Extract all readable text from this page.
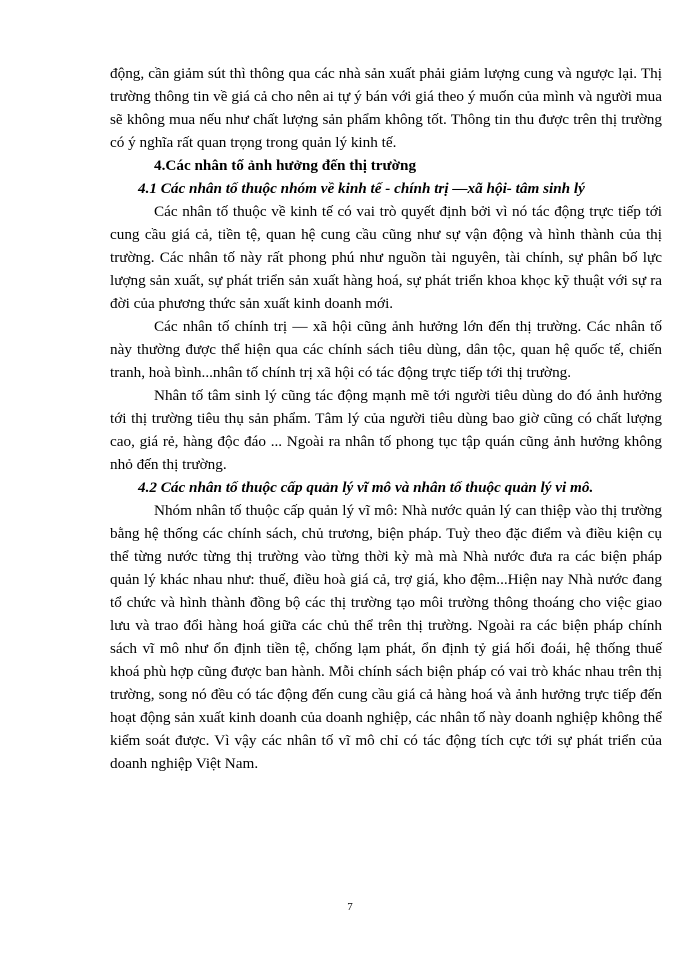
động, cần giảm sút thì thông qua các nhà sản xuất phải giảm lượng cung và ngược lại. Thị trường thông tin về giá cả cho nên ai tự ý bán với giá theo ý muốn của mình và người mua sẽ không mua nếu như chất lượng sản phẩm không tốt. Thông tin thu được trên thị trường có ý nghĩa rất quan trọng trong quản lý kinh tế.

4.Các nhân tố ảnh hưởng đến thị trường

4.1 Các nhân tố thuộc nhóm về kinh tế - chính trị —xã hội- tâm sinh lý

Các nhân tố thuộc về kinh tế có vai trò quyết định bởi vì nó tác động trực tiếp tới cung cầu giá cả, tiền tệ, quan hệ cung cầu cũng như sự vận động và hình thành của thị trường. Các nhân tố này rất phong phú như nguồn tài nguyên, tài chính, sự phân bố lực lượng sản xuất, sự phát triển sản xuất hàng hoá, sự phát triển khoa khọc kỹ thuật với sự ra đời của phương thức sản xuất kinh doanh mới.

Các nhân tố chính trị — xã hội cũng ảnh hưởng lớn đến thị trường. Các nhân tố này thường được thể hiện qua các chính sách tiêu dùng, dân tộc, quan hệ quốc tế, chiến tranh, hoà bình...nhân tố chính trị xã hội có tác động trực tiếp tới thị trường.

Nhân tố tâm sinh lý cũng tác động mạnh mẽ tới người tiêu dùng do đó ảnh hưởng tới thị trường tiêu thụ sản phẩm. Tâm lý của người tiêu dùng bao giờ cũng có chất lượng cao, giá rẻ, hàng độc đáo ... Ngoài ra nhân tố phong tục tập quán cũng ảnh hưởng không nhỏ đến thị trường.

4.2 Các nhân tố thuộc cấp quản lý vĩ mô và nhân tố thuộc quản lý vi mô.

Nhóm nhân tố thuộc cấp quản lý vĩ mô: Nhà nước quản lý can thiệp vào thị trường bằng hệ thống các chính sách, chủ trương, biện pháp. Tuỳ theo đặc điểm và điều kiện cụ thể từng nước từng thị trường vào từng thời kỳ mà mà Nhà nước đưa ra các biện pháp quản lý khác nhau như: thuế, điều hoà giá cả, trợ giá, kho đệm...Hiện nay Nhà nước đang tổ chức và hình thành đồng bộ các thị trường tạo môi trường thông thoáng cho việc giao lưu và trao đổi hàng hoá giữa các chủ thể trên thị trường. Ngoài ra các biện pháp chính sách vĩ mô như ổn định tiền tệ, chống lạm phát, ổn định tỷ giá hối đoái, hệ thống thuế khoá phù hợp cũng được ban hành. Mỗi chính sách biện pháp có vai trò khác nhau trên thị trường, song nó đều có tác động đến cung cầu giá cả hàng hoá và ảnh hưởng trực tiếp đến hoạt động sản xuất kinh doanh của doanh nghiệp, các nhân tố này doanh nghiệp không thể kiểm soát được. Vì vậy các nhân tố vĩ mô chỉ có tác động tích cực tới sự phát triển của doanh nghiệp Việt Nam.

7
